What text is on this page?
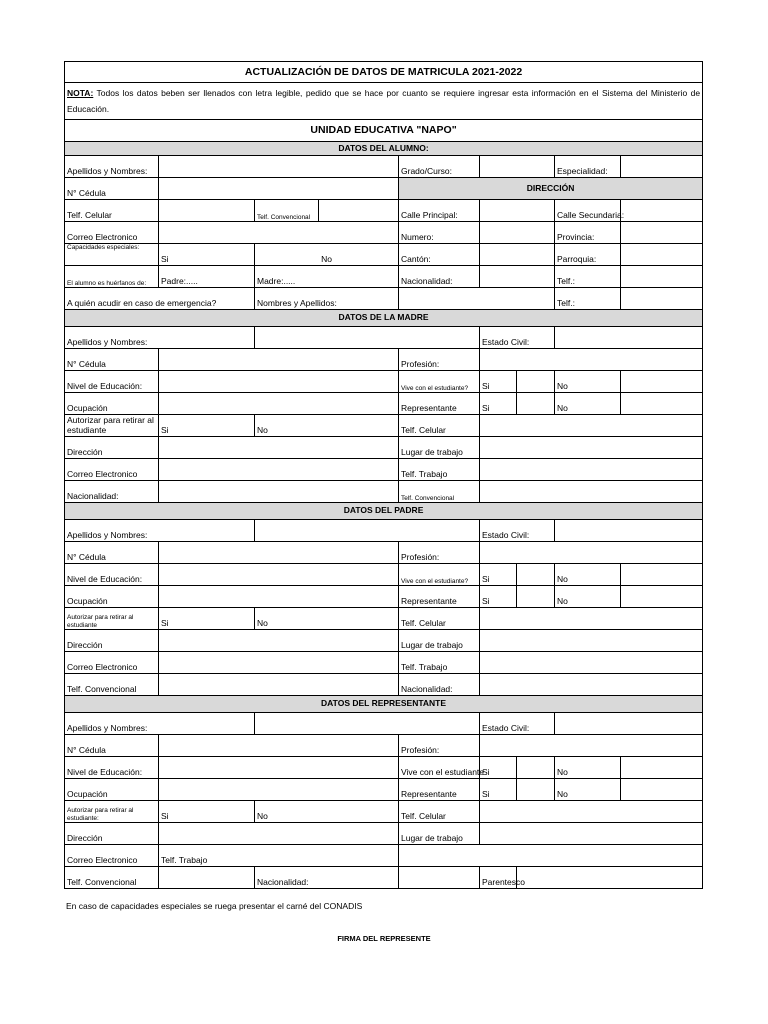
ACTUALIZACIÓN DE DATOS DE MATRICULA 2021-2022								
NOTA: Todos los datos beben ser llenados con letra legible, pedido que se hace por cuanto se requiere ingresar esta información en el Sistema del Ministerio de Educación.								
UNIDAD EDUCATIVA "NAPO"								
DATOS DEL ALUMNO:								
Apellidos y Nombres:				Grado/Curso:			Especialidad:	
N° Cédula				DIRECCIÓN				
Telf. Celular		Telf. Convencional		Calle Principal:			Calle Secundaria:	
Correo Electronico				Numero:			Provincia:	
Capacidades especiales:	Si	No		Cantón:			Parroquia:	
El alumno es huérfanos de:	Padre:.....	Madre:.....		Nacionalidad:			Telf.:	
A quién acudir en caso de emergencia?		Nombres y Apellidos:					Telf.:	
DATOS DE LA MADRE								
Apellidos y Nombres:					Estado Civil:			
N° Cédula				Profesión:				
Nivel de Educación:				Vive con el estudiante?	Si		No	
Ocupación				Representante	Si		No	
Autorizar para retirar al estudiante	Si	No		Telf. Celular				
Dirección				Lugar de trabajo				
Correo Electronico				Telf. Trabajo				
Nacionalidad:				Telf. Convencional				
DATOS DEL PADRE								
Apellidos y Nombres:					Estado Civil:			
N° Cédula				Profesión:				
Nivel de Educación:				Vive con el estudiante?	Si		No	
Ocupación				Representante	Si		No	
Autorizar para retirar al estudiante	Si	No		Telf. Celular				
Dirección				Lugar de trabajo				
Correo Electronico				Telf. Trabajo				
Telf. Convencional				Nacionalidad:				
DATOS DEL REPRESENTANTE								
Apellidos y Nombres:					Estado Civil:			
N° Cédula				Profesión:				
Nivel de Educación:				Vive con el estudiante	Si		No	
Ocupación				Representante	Si		No	
Autorizar para retirar al estudiante:	Si	No		Telf. Celular				
Dirección				Lugar de trabajo				
Correo Electronico	Telf. Trabajo							
Telf. Convencional		Nacionalidad:			Parentesco			
En caso de capacidades especiales se ruega presentar el carné del CONADIS
FIRMA DEL REPRESENTE
